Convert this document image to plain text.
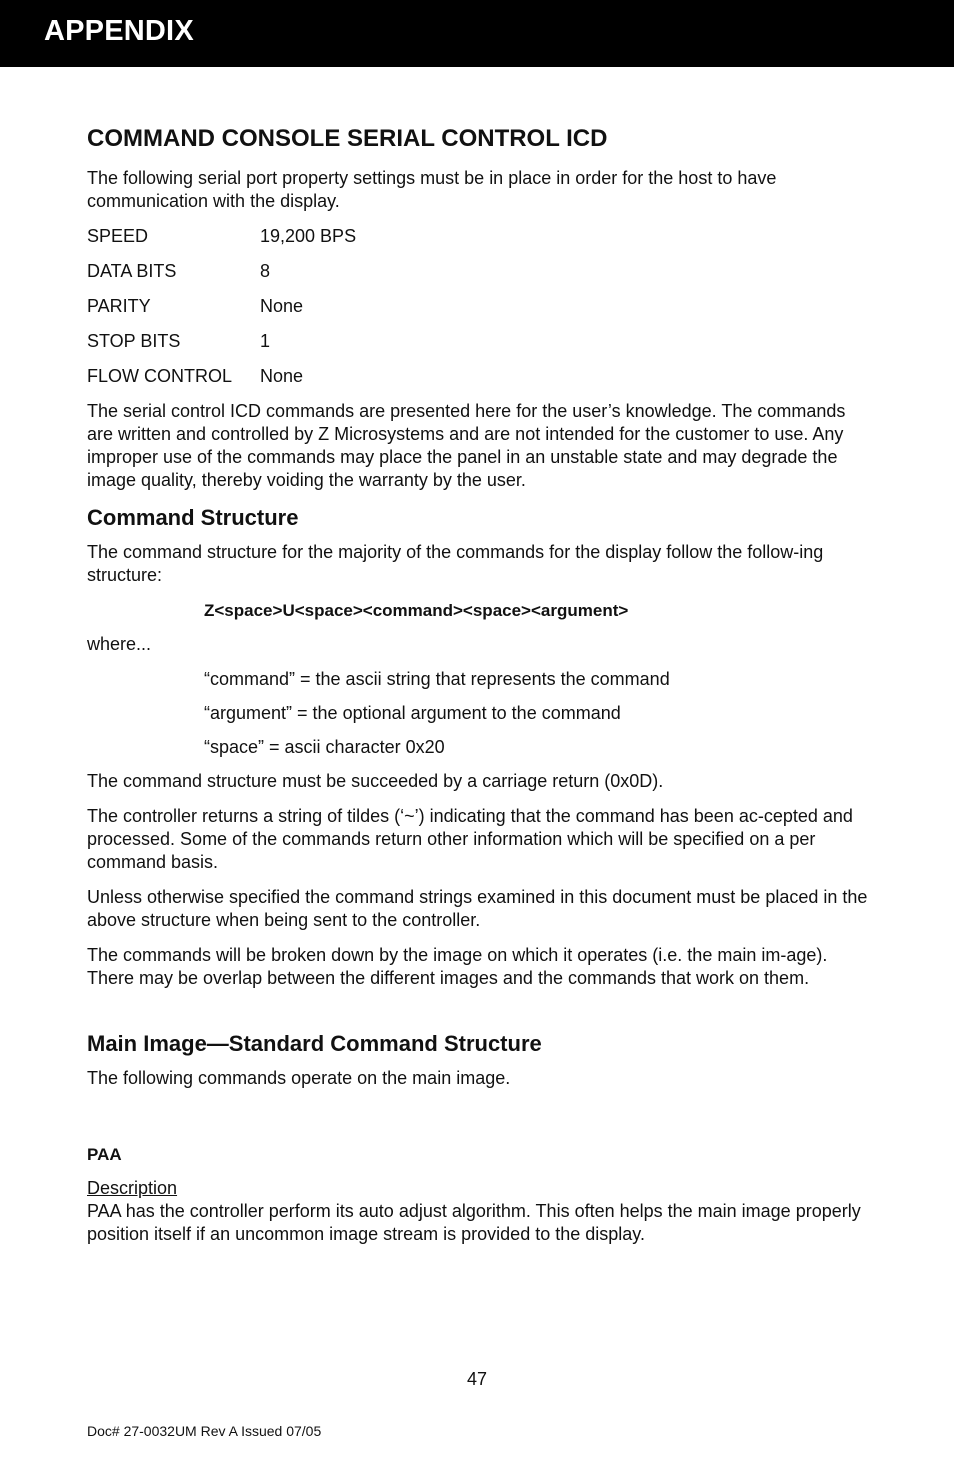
APPENDIX
COMMAND CONSOLE SERIAL CONTROL ICD

The following serial port property settings must be in place in order for the host to have communication with the display.

SPEED	19,200 BPS
DATA BITS	8
PARITY	None
STOP BITS	1
FLOW CONTROL	None

The serial control ICD commands are presented here for the user’s knowledge. The commands are written and controlled by Z Microsystems and are not intended for the customer to use. Any improper use of the commands may place the panel in an unstable state and may degrade the image quality, thereby voiding the warranty by the user.

Command Structure

The command structure for the majority of the commands for the display follow the follow-ing structure:

Z<space>U<space><command><space><argument>

where...

“command” = the ascii string that represents the command

“argument” = the optional argument to the command

“space” = ascii character 0x20

The command structure must be succeeded by a carriage return (0x0D).

The controller returns a string of tildes (‘~’) indicating that the command has been ac-cepted and processed. Some of the commands return other information which will be specified on a per command basis.

Unless otherwise specified the command strings examined in this document must be placed in the above structure when being sent to the controller.

The commands will be broken down by the image on which it operates (i.e. the main im-age). There may be overlap between the different images and the commands that work on them.

Main Image—Standard Command Structure

The following commands operate on the main image.

PAA
Description

PAA has the controller perform its auto adjust algorithm. This often helps the main image properly position itself if an uncommon image stream is provided to the display.

47
Doc# 27-0032UM Rev A Issued 07/05
